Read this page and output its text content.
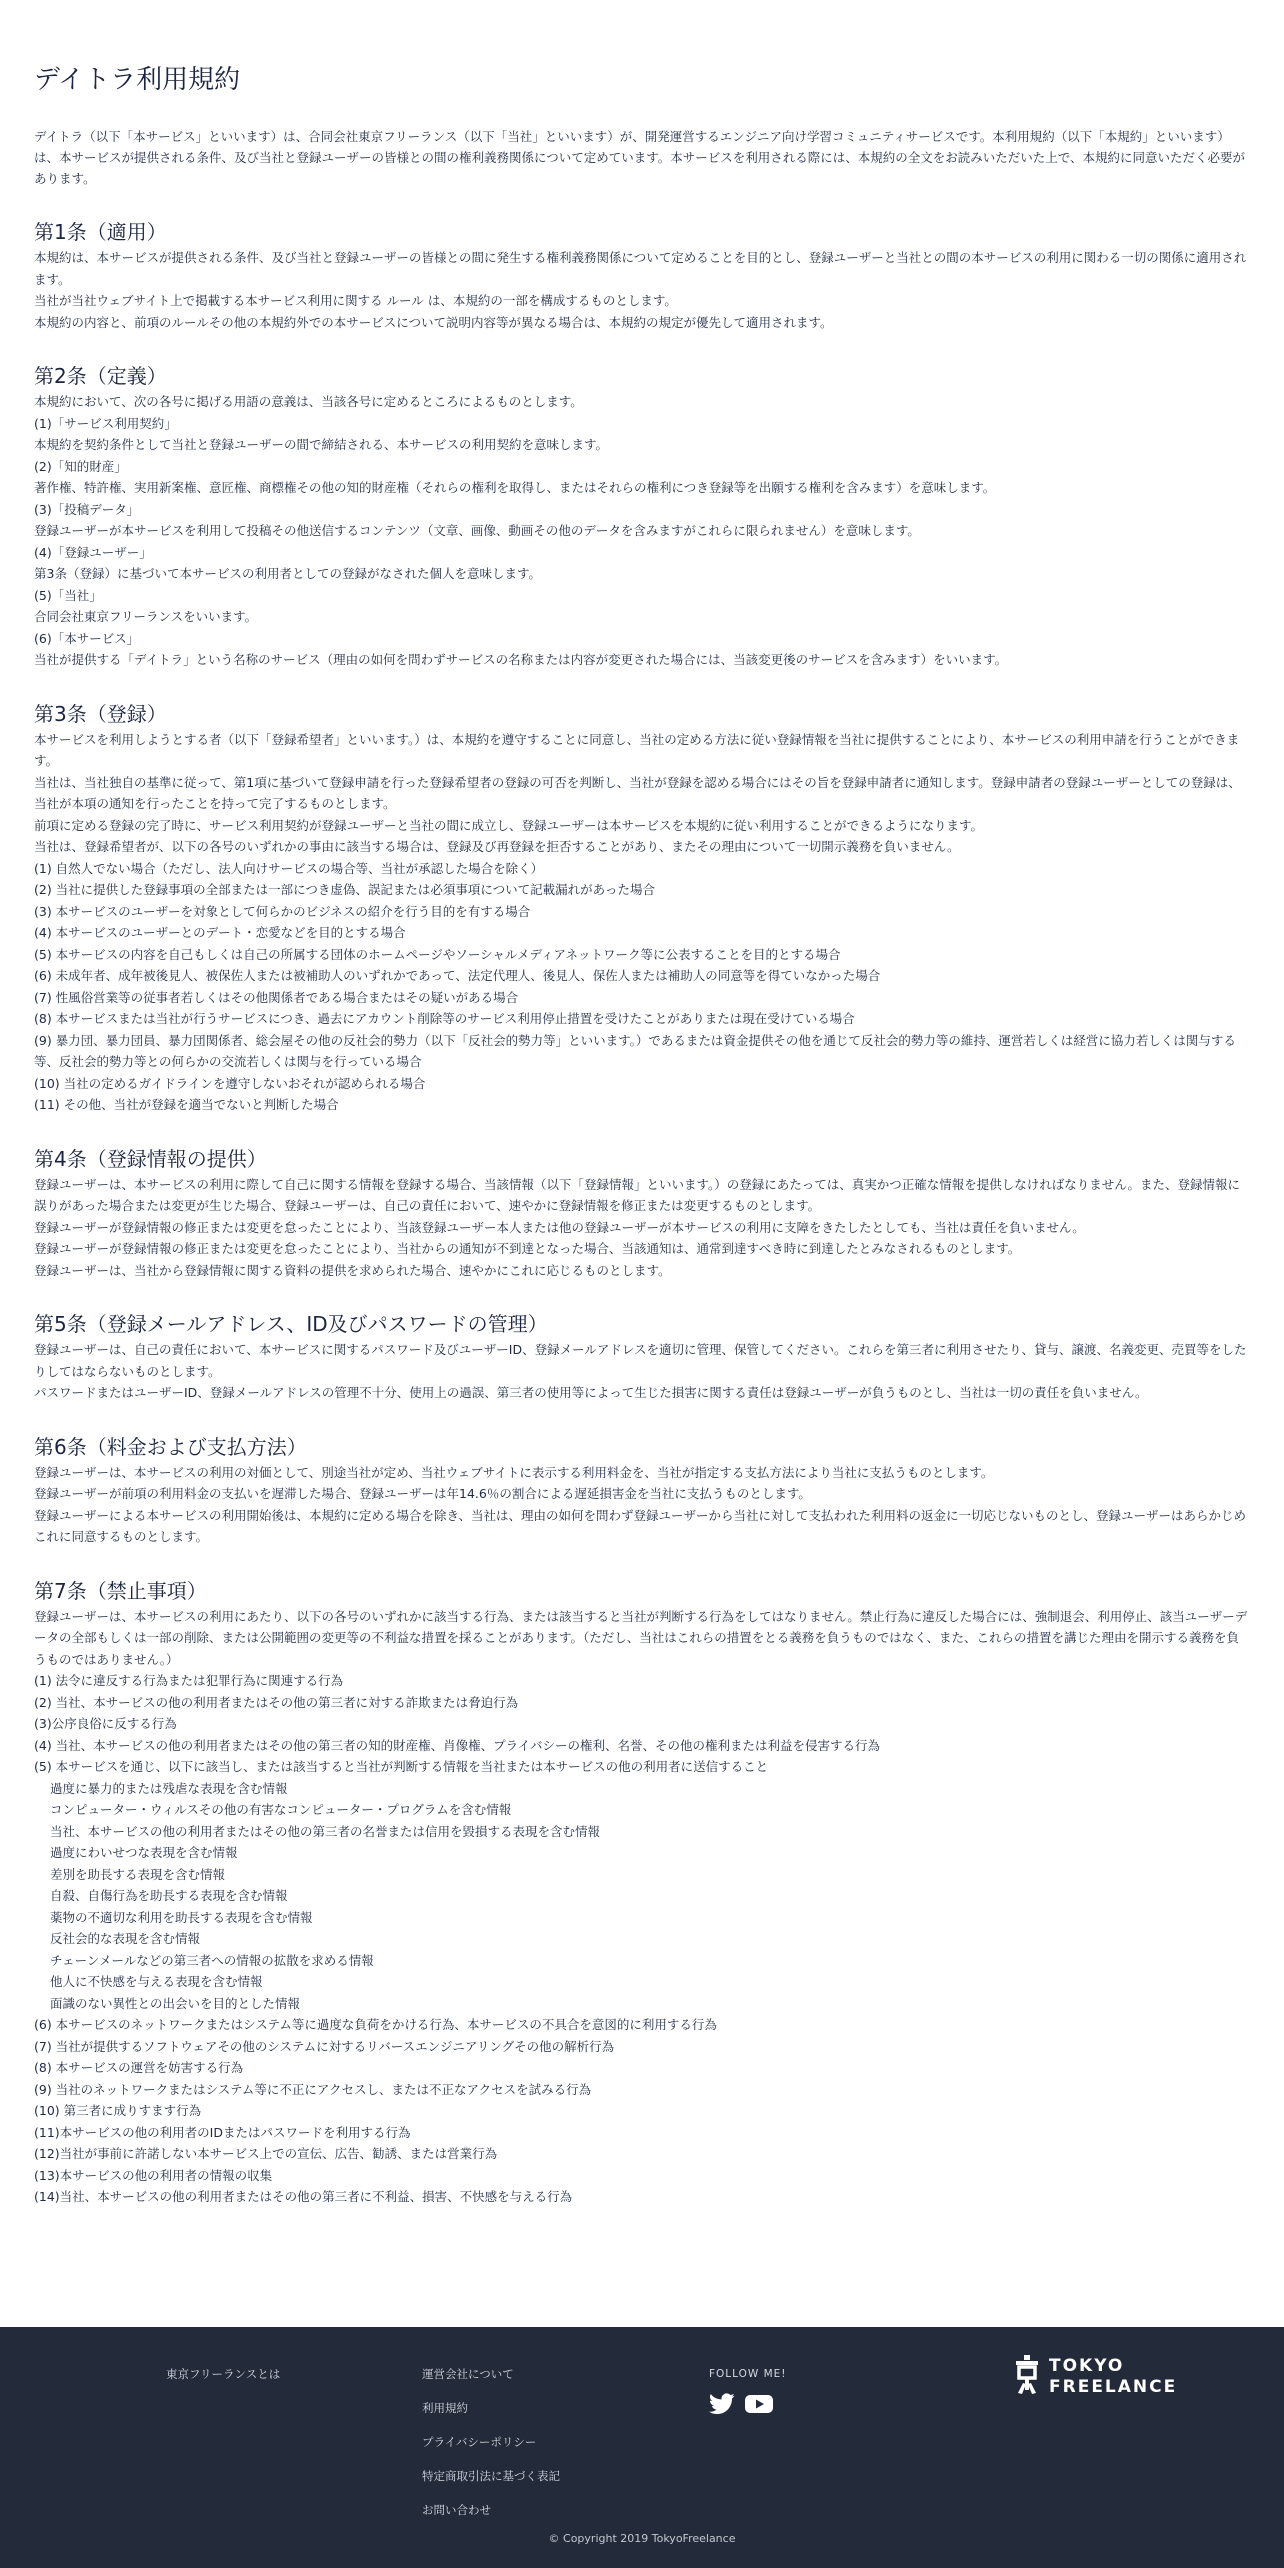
デイトラ利用規約

デイトラ（以下「本サービス」といいます）は、合同会社東京フリーランス（以下「当社」といいます）が、開発運営するエンジニア向け学習コミュニティサービスです。本利用規約（以下「本規約」といいます）は、本サービスが提供される条件、及び当社と登録ユーザーの皆様との間の権利義務関係について定めています。本サービスを利用される際には、本規約の全文をお読みいただいた上で、本規約に同意いただく必要があります。

第1条（適用）

本規約は、本サービスが提供される条件、及び当社と登録ユーザーの皆様との間に発生する権利義務関係について定めることを目的とし、登録ユーザーと当社との間の本サービスの利用に関わる一切の関係に適用されます。

当社が当社ウェブサイト上で掲載する本サービス利用に関する ルール は、本規約の一部を構成するものとします。

本規約の内容と、前項のルールその他の本規約外での本サービスについて説明内容等が異なる場合は、本規約の規定が優先して適用されます。

第2条（定義）

本規約において、次の各号に掲げる用語の意義は、当該各号に定めるところによるものとします。

(1)「サービス利用契約」

本規約を契約条件として当社と登録ユーザーの間で締結される、本サービスの利用契約を意味します。

(2)「知的財産」

著作権、特許権、実用新案権、意匠権、商標権その他の知的財産権（それらの権利を取得し、またはそれらの権利につき登録等を出願する権利を含みます）を意味します。

(3)「投稿データ」

登録ユーザーが本サービスを利用して投稿その他送信するコンテンツ（文章、画像、動画その他のデータを含みますがこれらに限られません）を意味します。

(4)「登録ユーザー」

第3条（登録）に基づいて本サービスの利用者としての登録がなされた個人を意味します。

(5)「当社」

合同会社東京フリーランスをいいます。

(6)「本サービス」

当社が提供する「デイトラ」という名称のサービス（理由の如何を問わずサービスの名称または内容が変更された場合には、当該変更後のサービスを含みます）をいいます。

第3条（登録）

本サービスを利用しようとする者（以下「登録希望者」といいます。）は、本規約を遵守することに同意し、当社の定める方法に従い登録情報を当社に提供することにより、本サービスの利用申請を行うことができます。

当社は、当社独自の基準に従って、第1項に基づいて登録申請を行った登録希望者の登録の可否を判断し、当社が登録を認める場合にはその旨を登録申請者に通知します。登録申請者の登録ユーザーとしての登録は、当社が本項の通知を行ったことを持って完了するものとします。

前項に定める登録の完了時に、サービス利用契約が登録ユーザーと当社の間に成立し、登録ユーザーは本サービスを本規約に従い利用することができるようになります。

当社は、登録希望者が、以下の各号のいずれかの事由に該当する場合は、登録及び再登録を拒否することがあり、またその理由について一切開示義務を負いません。

(1) 自然人でない場合（ただし、法人向けサービスの場合等、当社が承認した場合を除く）

(2) 当社に提供した登録事項の全部または一部につき虚偽、誤記または必須事項について記載漏れがあった場合

(3) 本サービスのユーザーを対象として何らかのビジネスの紹介を行う目的を有する場合

(4) 本サービスのユーザーとのデート・恋愛などを目的とする場合

(5) 本サービスの内容を自己もしくは自己の所属する団体のホームページやソーシャルメディアネットワーク等に公表することを目的とする場合

(6) 未成年者、成年被後見人、被保佐人または被補助人のいずれかであって、法定代理人、後見人、保佐人または補助人の同意等を得ていなかった場合

(7) 性風俗営業等の従事者若しくはその他関係者である場合またはその疑いがある場合

(8) 本サービスまたは当社が行うサービスにつき、過去にアカウント削除等のサービス利用停止措置を受けたことがありまたは現在受けている場合

(9) 暴力団、暴力団員、暴力団関係者、総会屋その他の反社会的勢力（以下「反社会的勢力等」といいます。）であるまたは資金提供その他を通じて反社会的勢力等の維持、運営若しくは経営に協力若しくは関与する等、反社会的勢力等との何らかの交流若しくは関与を行っている場合

(10) 当社の定めるガイドラインを遵守しないおそれが認められる場合

(11) その他、当社が登録を適当でないと判断した場合

第4条（登録情報の提供）

登録ユーザーは、本サービスの利用に際して自己に関する情報を登録する場合、当該情報（以下「登録情報」といいます。）の登録にあたっては、真実かつ正確な情報を提供しなければなりません。また、登録情報に誤りがあった場合または変更が生じた場合、登録ユーザーは、自己の責任において、速やかに登録情報を修正または変更するものとします。

登録ユーザーが登録情報の修正または変更を怠ったことにより、当該登録ユーザー本人または他の登録ユーザーが本サービスの利用に支障をきたしたとしても、当社は責任を負いません。

登録ユーザーが登録情報の修正または変更を怠ったことにより、当社からの通知が不到達となった場合、当該通知は、通常到達すべき時に到達したとみなされるものとします。

登録ユーザーは、当社から登録情報に関する資料の提供を求められた場合、速やかにこれに応じるものとします。

第5条（登録メールアドレス、ID及びパスワードの管理）

登録ユーザーは、自己の責任において、本サービスに関するパスワード及びユーザーID、登録メールアドレスを適切に管理、保管してください。これらを第三者に利用させたり、貸与、譲渡、名義変更、売買等をしたりしてはならないものとします。

パスワードまたはユーザーID、登録メールアドレスの管理不十分、使用上の過誤、第三者の使用等によって生じた損害に関する責任は登録ユーザーが負うものとし、当社は一切の責任を負いません。

第6条（料金および支払方法）

登録ユーザーは、本サービスの利用の対価として、別途当社が定め、当社ウェブサイトに表示する利用料金を、当社が指定する支払方法により当社に支払うものとします。

登録ユーザーが前項の利用料金の支払いを遅滞した場合、登録ユーザーは年14.6％の割合による遅延損害金を当社に支払うものとします。

登録ユーザーによる本サービスの利用開始後は、本規約に定める場合を除き、当社は、理由の如何を問わず登録ユーザーから当社に対して支払われた利用料の返金に一切応じないものとし、登録ユーザーはあらかじめこれに同意するものとします。

第7条（禁止事項）

登録ユーザーは、本サービスの利用にあたり、以下の各号のいずれかに該当する行為、または該当すると当社が判断する行為をしてはなりません。禁止行為に違反した場合には、強制退会、利用停止、該当ユーザーデータの全部もしくは一部の削除、または公開範囲の変更等の不利益な措置を採ることがあります。（ただし、当社はこれらの措置をとる義務を負うものではなく、また、これらの措置を講じた理由を開示する義務を負うものではありません。）

(1) 法令に違反する行為または犯罪行為に関連する行為

(2) 当社、本サービスの他の利用者またはその他の第三者に対する詐欺または脅迫行為

(3)公序良俗に反する行為

(4) 当社、本サービスの他の利用者またはその他の第三者の知的財産権、肖像権、プライバシーの権利、名誉、その他の権利または利益を侵害する行為

(5) 本サービスを通じ、以下に該当し、または該当すると当社が判断する情報を当社または本サービスの他の利用者に送信すること

過度に暴力的または残虐な表現を含む情報

コンピューター・ウィルスその他の有害なコンピューター・プログラムを含む情報

当社、本サービスの他の利用者またはその他の第三者の名誉または信用を毀損する表現を含む情報

過度にわいせつな表現を含む情報

差別を助長する表現を含む情報

自殺、自傷行為を助長する表現を含む情報

薬物の不適切な利用を助長する表現を含む情報

反社会的な表現を含む情報

チェーンメールなどの第三者への情報の拡散を求める情報

他人に不快感を与える表現を含む情報

面識のない異性との出会いを目的とした情報

(6) 本サービスのネットワークまたはシステム等に過度な負荷をかける行為、本サービスの不具合を意図的に利用する行為

(7) 当社が提供するソフトウェアその他のシステムに対するリバースエンジニアリングその他の解析行為

(8) 本サービスの運営を妨害する行為

(9) 当社のネットワークまたはシステム等に不正にアクセスし、または不正なアクセスを試みる行為

(10) 第三者に成りすます行為

(11)本サービスの他の利用者のIDまたはパスワードを利用する行為

(12)当社が事前に許諾しない本サービス上での宣伝、広告、勧誘、または営業行為

(13)本サービスの他の利用者の情報の収集

(14)当社、本サービスの他の利用者またはその他の第三者に不利益、損害、不快感を与える行為

東京フリーランスとは	運営会社について
利用規約
プライバシーポリシー
特定商取引法に基づく表記
お問い合わせ
FOLLOW ME!	TOKYO
FREELANCE
© Copyright 2019 TokyoFreelance
